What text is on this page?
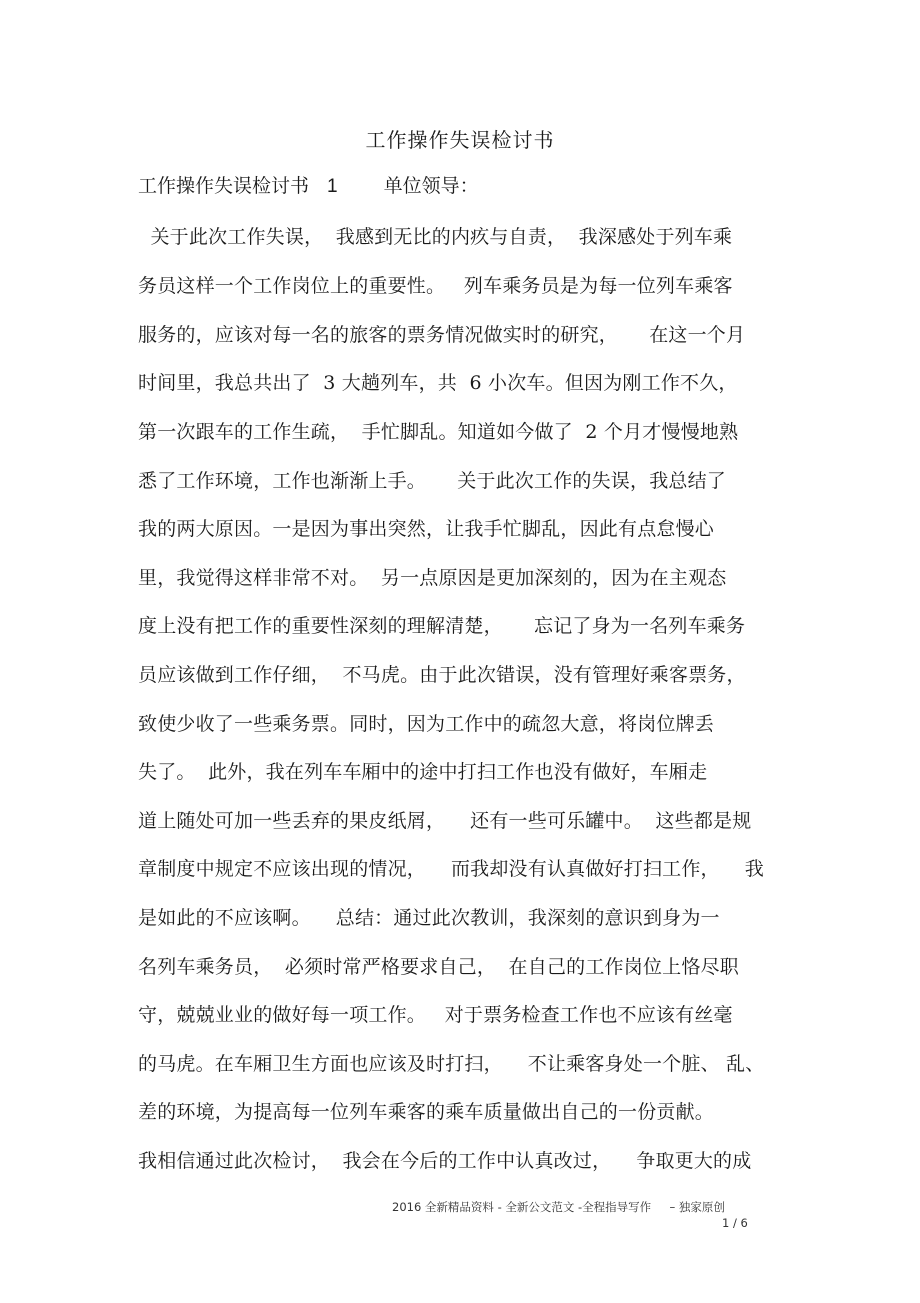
工作操作失误检讨书
工作操作失误检讨书 1 单位领导：
关于此次工作失误，  我感到无比的内疚与自责，  我深感处于列车乘
务员这样一个工作岗位上的重要性。   列车乘务员是为每一位列车乘客
服务的，应该对每一名的旅客的票务情况做实时的研究，     在这一个月
时间里，我总共出了  3 大趟列车，共  6 小次车。但因为刚工作不久，
第一次跟车的工作生疏，  手忙脚乱。知道如今做了  2 个月才慢慢地熟
悉了工作环境，工作也渐渐上手。     关于此次工作的失误，我总结了
我的两大原因。一是因为事出突然，让我手忙脚乱，因此有点怠慢心
里，我觉得这样非常不对。  另一点原因是更加深刻的，因为在主观态
度上没有把工作的重要性深刻的理解清楚，     忘记了身为一名列车乘务
员应该做到工作仔细，  不马虎。由于此次错误，没有管理好乘客票务，
致使少收了一些乘务票。同时，因为工作中的疏忽大意，将岗位牌丢
失了。  此外，我在列车车厢中的途中打扫工作也没有做好，车厢走
道上随处可加一些丢弃的果皮纸屑，    还有一些可乐罐中。  这些都是规
章制度中规定不应该出现的情况，    而我却没有认真做好打扫工作，    我
是如此的不应该啊。    总结：通过此次教训，我深刻的意识到身为一
名列车乘务员，  必须时常严格要求自己，  在自己的工作岗位上恪尽职
守，兢兢业业的做好每一项工作。   对于票务检查工作也不应该有丝毫
的马虎。在车厢卫生方面也应该及时打扫，    不让乘客身处一个脏、 乱、
差的环境，为提高每一位列车乘客的乘车质量做出自己的一份贡献。
我相信通过此次检讨，  我会在今后的工作中认真改过，    争取更大的成
2016 全新精品资料 - 全新公文范文 -全程指导写作     – 独家原创
1 / 6
